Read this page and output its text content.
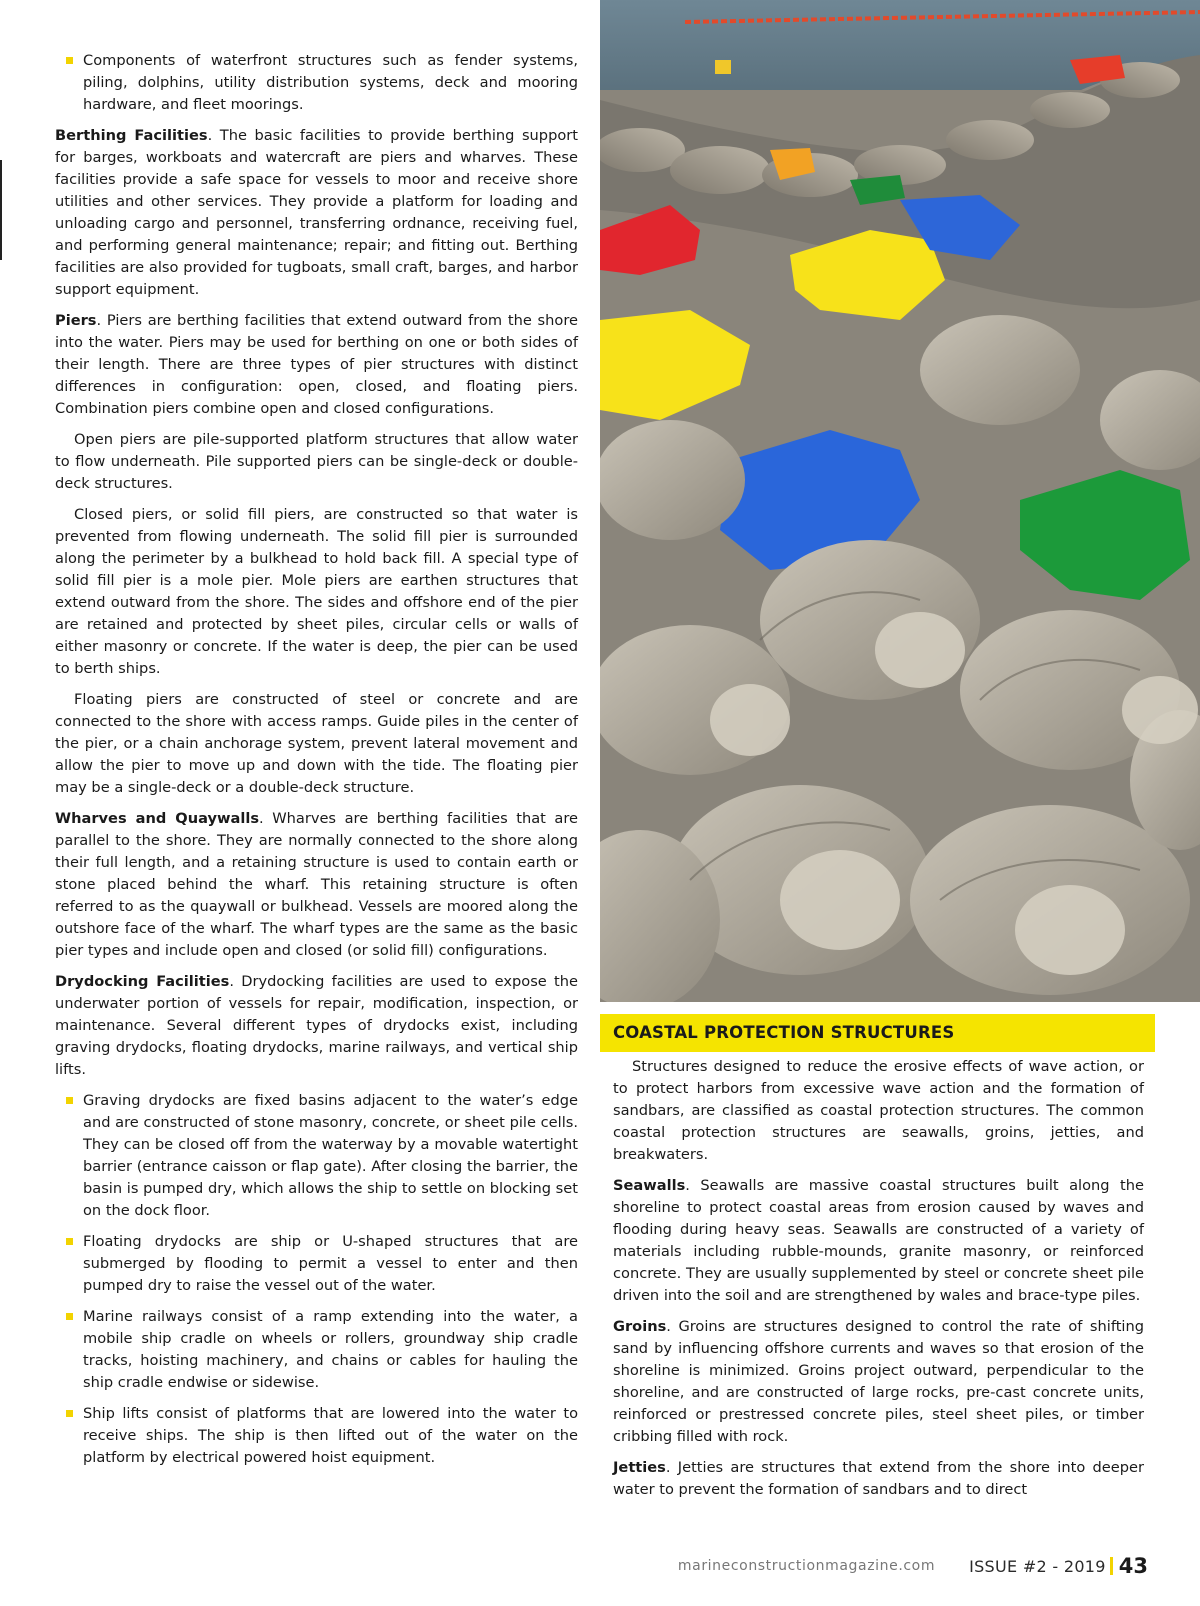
Components of waterfront structures such as fender systems, piling, dolphins, utility distribution systems, deck and mooring hardware, and fleet moorings.

Berthing Facilities. The basic facilities to provide berthing support for barges, workboats and watercraft are piers and wharves. These facilities provide a safe space for vessels to moor and receive shore utilities and other services. They provide a platform for loading and unloading cargo and personnel, transferring ordnance, receiving fuel, and performing general maintenance; repair; and fitting out. Berthing facilities are also provided for tugboats, small craft, barges, and harbor support equipment.

Piers. Piers are berthing facilities that extend outward from the shore into the water. Piers may be used for berthing on one or both sides of their length. There are three types of pier structures with distinct differences in configuration: open, closed, and floating piers. Combination piers combine open and closed configurations.

Open piers are pile-supported platform structures that allow water to flow underneath. Pile supported piers can be single-deck or double-deck structures.

Closed piers, or solid fill piers, are constructed so that water is prevented from flowing underneath. The solid fill pier is surrounded along the perimeter by a bulkhead to hold back fill. A special type of solid fill pier is a mole pier. Mole piers are earthen structures that extend outward from the shore. The sides and offshore end of the pier are retained and protected by sheet piles, circular cells or walls of either masonry or concrete. If the water is deep, the pier can be used to berth ships.

Floating piers are constructed of steel or concrete and are connected to the shore with access ramps. Guide piles in the center of the pier, or a chain anchorage system, prevent lateral movement and allow the pier to move up and down with the tide. The floating pier may be a single-deck or a double-deck structure.

Wharves and Quaywalls. Wharves are berthing facilities that are parallel to the shore. They are normally connected to the shore along their full length, and a retaining structure is used to contain earth or stone placed behind the wharf. This retaining structure is often referred to as the quaywall or bulkhead. Vessels are moored along the outshore face of the wharf. The wharf types are the same as the basic pier types and include open and closed (or solid fill) configurations.

Drydocking Facilities. Drydocking facilities are used to expose the underwater portion of vessels for repair, modification, inspection, or maintenance. Several different types of drydocks exist, including graving drydocks, floating drydocks, marine railways, and vertical ship lifts.

Graving drydocks are fixed basins adjacent to the water’s edge and are constructed of stone masonry, concrete, or sheet pile cells. They can be closed off from the waterway by a movable watertight barrier (entrance caisson or flap gate). After closing the barrier, the basin is pumped dry, which allows the ship to settle on blocking set on the dock floor.
Floating drydocks are ship or U-shaped structures that are submerged by flooding to permit a vessel to enter and then pumped dry to raise the vessel out of the water.
Marine railways consist of a ramp extending into the water, a mobile ship cradle on wheels or rollers, groundway ship cradle tracks, hoisting machinery, and chains or cables for hauling the ship cradle endwise or sidewise.
Ship lifts consist of platforms that are lowered into the water to receive ships. The ship is then lifted out of the water on the platform by electrical powered hoist equipment.
COASTAL PROTECTION STRUCTURES

Structures designed to reduce the erosive effects of wave action, or to protect harbors from excessive wave action and the formation of sandbars, are classified as coastal protection structures. The common coastal protection structures are seawalls, groins, jetties, and breakwaters.

Seawalls. Seawalls are massive coastal structures built along the shoreline to protect coastal areas from erosion caused by waves and flooding during heavy seas. Seawalls are constructed of a variety of materials including rubble-mounds, granite masonry, or reinforced concrete. They are usually supplemented by steel or concrete sheet pile driven into the soil and are strengthened by wales and brace-type piles.

Groins. Groins are structures designed to control the rate of shifting sand by influencing offshore currents and waves so that erosion of the shoreline is minimized. Groins project outward, perpendicular to the shoreline, and are constructed of large rocks, pre-cast concrete units, reinforced or prestressed concrete piles, steel sheet piles, or timber cribbing filled with rock.

Jetties. Jetties are structures that extend from the shore into deeper water to prevent the formation of sandbars and to direct

marineconstructionmagazine.com ISSUE #2 - 2019 43
